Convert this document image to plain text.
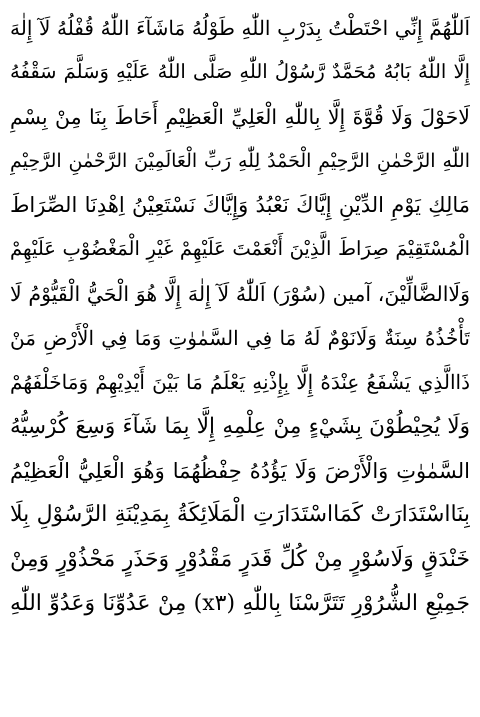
اَللّٰهُمَّ إِنِّي احْتَطْتُ بِدَرْبِ اللّٰهِ طَوْلُهُ مَاشَآءَ اللّٰهُ قُفْلُهُ لَآ إِلٰهَ
إِلَّا اللّٰهُ بَابُهُ مُحَمَّدٌ رَّسُوْلُ اللّٰهِ صَلَّى اللّٰهُ عَلَيْهِ وَسَلَّمَ سَقْفُهُ
لَاحَوْلَ وَلَا قُوَّةَ إِلَّا بِاللّٰهِ الْعَلِيِّ الْعَظِيْمِ أَحَاطَ بِنَا مِنْ بِسْمِ
اللّٰهِ الرَّحْمٰنِ الرَّحِيْمِ الْحَمْدُ لِلّٰهِ رَبِّ الْعَالَمِيْنَ الرَّحْمٰنِ الرَّحِيْمِ
مَالِكِ يَوْمِ الدِّيْنِ إِيَّاكَ نَعْبُدُ وَإِيَّاكَ نَسْتَعِيْنُ اِهْدِنَا الصِّرَاطَ
الْمُسْتَقِيْمَ صِرَاطَ الَّذِيْنَ أَنْعَمْتَ عَلَيْهِمْ غَيْرِ الْمَغْضُوْبِ عَلَيْهِمْ
وَلَاالضَّالِّيْنَ، آمين (سُوْرَ) اَللّٰهُ لَآ إِلٰهَ إِلَّا هُوَ الْحَيُّ الْقَيُّوْمُ لَا
تَأْخُذُهُ سِنَةٌ وَلَانَوْمٌ لَهُ مَا فِي السَّمٰوٰتِ وَمَا فِي الْأَرْضِ مَنْ
ذَاالَّذِي يَشْفَعُ عِنْدَهُ إِلَّا بِإِذْنِهِ يَعْلَمُ مَا بَيْنَ أَيْدِيْهِمْ وَمَاخَلْفَهُمْ
وَلَا يُحِيْطُوْنَ بِشَيْءٍ مِنْ عِلْمِهِ إِلَّا بِمَا شَآءَ وَسِعَ كُرْسِيُّهُ
السَّمٰوٰتِ وَالْأَرْضَ وَلَا يَؤُدُهُ حِفْظُهُمَا وَهُوَ الْعَلِيُّ الْعَظِيْمُ
بِنَااسْتَدَارَتْ كَمَااسْتَدَارَتِ الْمَلَائِكَةُ بِمَدِيْنَةِ الرَّسُوْلِ بِلَا
خَنْدَقٍ وَلَاسُوْرٍ مِنْ كُلِّ قَدَرٍ مَقْدُوْرٍ وَحَذَرٍ مَحْذُوْرٍ وَمِنْ
جَمِيْعِ الشُّرُوْرِ تَتَرَّسْنَا بِاللّٰهِ (x٣) مِنْ عَدُوِّنَا وَعَدُوِّ اللّٰهِ
